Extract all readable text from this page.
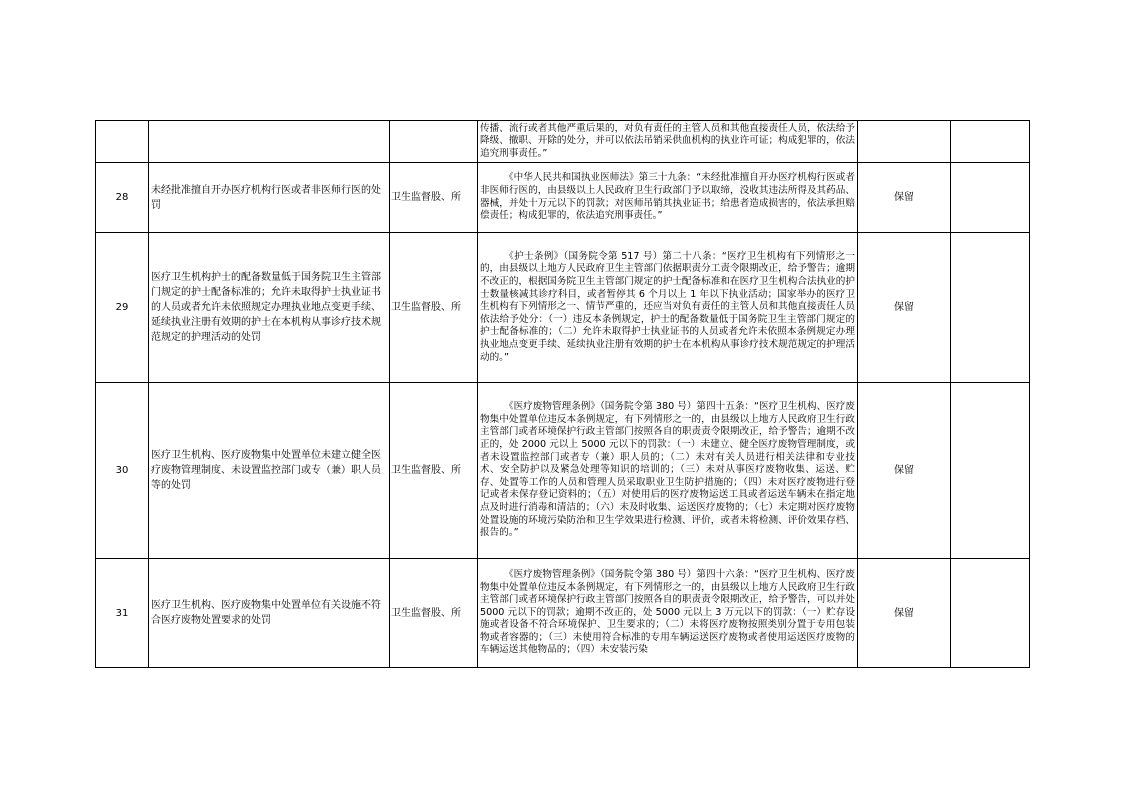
			传播、流行或者其他严重后果的，对负有责任的主管人员和其他直接责任人员，依法给予降级、撤职、开除的处分，并可以依法吊销采供血机构的执业许可证；构成犯罪的，依法追究刑事责任。”		
28	未经批准擅自开办医疗机构行医或者非医师行医的处罚	卫生监督股、所	《中华人民共和国执业医师法》第三十九条：“未经批准擅自开办医疗机构行医或者非医师行医的，由县级以上人民政府卫生行政部门予以取缔，没收其违法所得及其药品、器械，并处十万元以下的罚款；对医师吊销其执业证书；给患者造成损害的，依法承担赔偿责任；构成犯罪的，依法追究刑事责任。”	保留	
29	医疗卫生机构护士的配备数量低于国务院卫生主管部门规定的护士配备标准的；允许未取得护士执业证书的人员或者允许未依照规定办理执业地点变更手续、延续执业注册有效期的护士在本机构从事诊疗技术规范规定的护理活动的处罚	卫生监督股、所	《护士条例》（国务院令第 517 号）第二十八条：“医疗卫生机构有下列情形之一的，由县级以上地方人民政府卫生主管部门依据职责分工责令限期改正，给予警告；逾期不改正的，根据国务院卫生主管部门规定的护士配备标准和在医疗卫生机构合法执业的护士数量核减其诊疗科目，或者暂停其 6 个月以上 1 年以下执业活动；国家举办的医疗卫生机构有下列情形之一、情节严重的，还应当对负有责任的主管人员和其他直接责任人员依法给予处分：（一）违反本条例规定，护士的配备数量低于国务院卫生主管部门规定的护士配备标准的；（二）允许未取得护士执业证书的人员或者允许未依照本条例规定办理执业地点变更手续、延续执业注册有效期的护士在本机构从事诊疗技术规范规定的护理活动的。”	保留	
30	医疗卫生机构、医疗废物集中处置单位未建立健全医疗废物管理制度、未设置监控部门或专（兼）职人员等的处罚	卫生监督股、所	《医疗废物管理条例》（国务院令第 380 号）第四十五条：“医疗卫生机构、医疗废物集中处置单位违反本条例规定，有下列情形之一的，由县级以上地方人民政府卫生行政主管部门或者环境保护行政主管部门按照各自的职责责令限期改正，给予警告；逾期不改正的，处 2000 元以上 5000 元以下的罚款：（一）未建立、健全医疗废物管理制度，或者未设置监控部门或者专（兼）职人员的；（二）未对有关人员进行相关法律和专业技术、安全防护以及紧急处理等知识的培训的；（三）未对从事医疗废物收集、运送、贮存、处置等工作的人员和管理人员采取职业卫生防护措施的；（四）未对医疗废物进行登记或者未保存登记资料的；（五）对使用后的医疗废物运送工具或者运送车辆未在指定地点及时进行消毒和清洁的；（六）未及时收集、运送医疗废物的；（七）未定期对医疗废物处置设施的环境污染防治和卫生学效果进行检测、评价，或者未将检测、评价效果存档、报告的。”	保留	
31	医疗卫生机构、医疗废物集中处置单位有关设施不符合医疗废物处置要求的处罚	卫生监督股、所	《医疗废物管理条例》（国务院令第 380 号）第四十六条：“医疗卫生机构、医疗废物集中处置单位违反本条例规定，有下列情形之一的，由县级以上地方人民政府卫生行政主管部门或者环境保护行政主管部门按照各自的职责责令限期改正，给予警告，可以并处 5000 元以下的罚款；逾期不改正的，处 5000 元以上 3 万元以下的罚款：（一）贮存设施或者设备不符合环境保护、卫生要求的；（二）未将医疗废物按照类别分置于专用包装物或者容器的；（三）未使用符合标准的专用车辆运送医疗废物或者使用运送医疗废物的车辆运送其他物品的；（四）未安装污染	保留	
